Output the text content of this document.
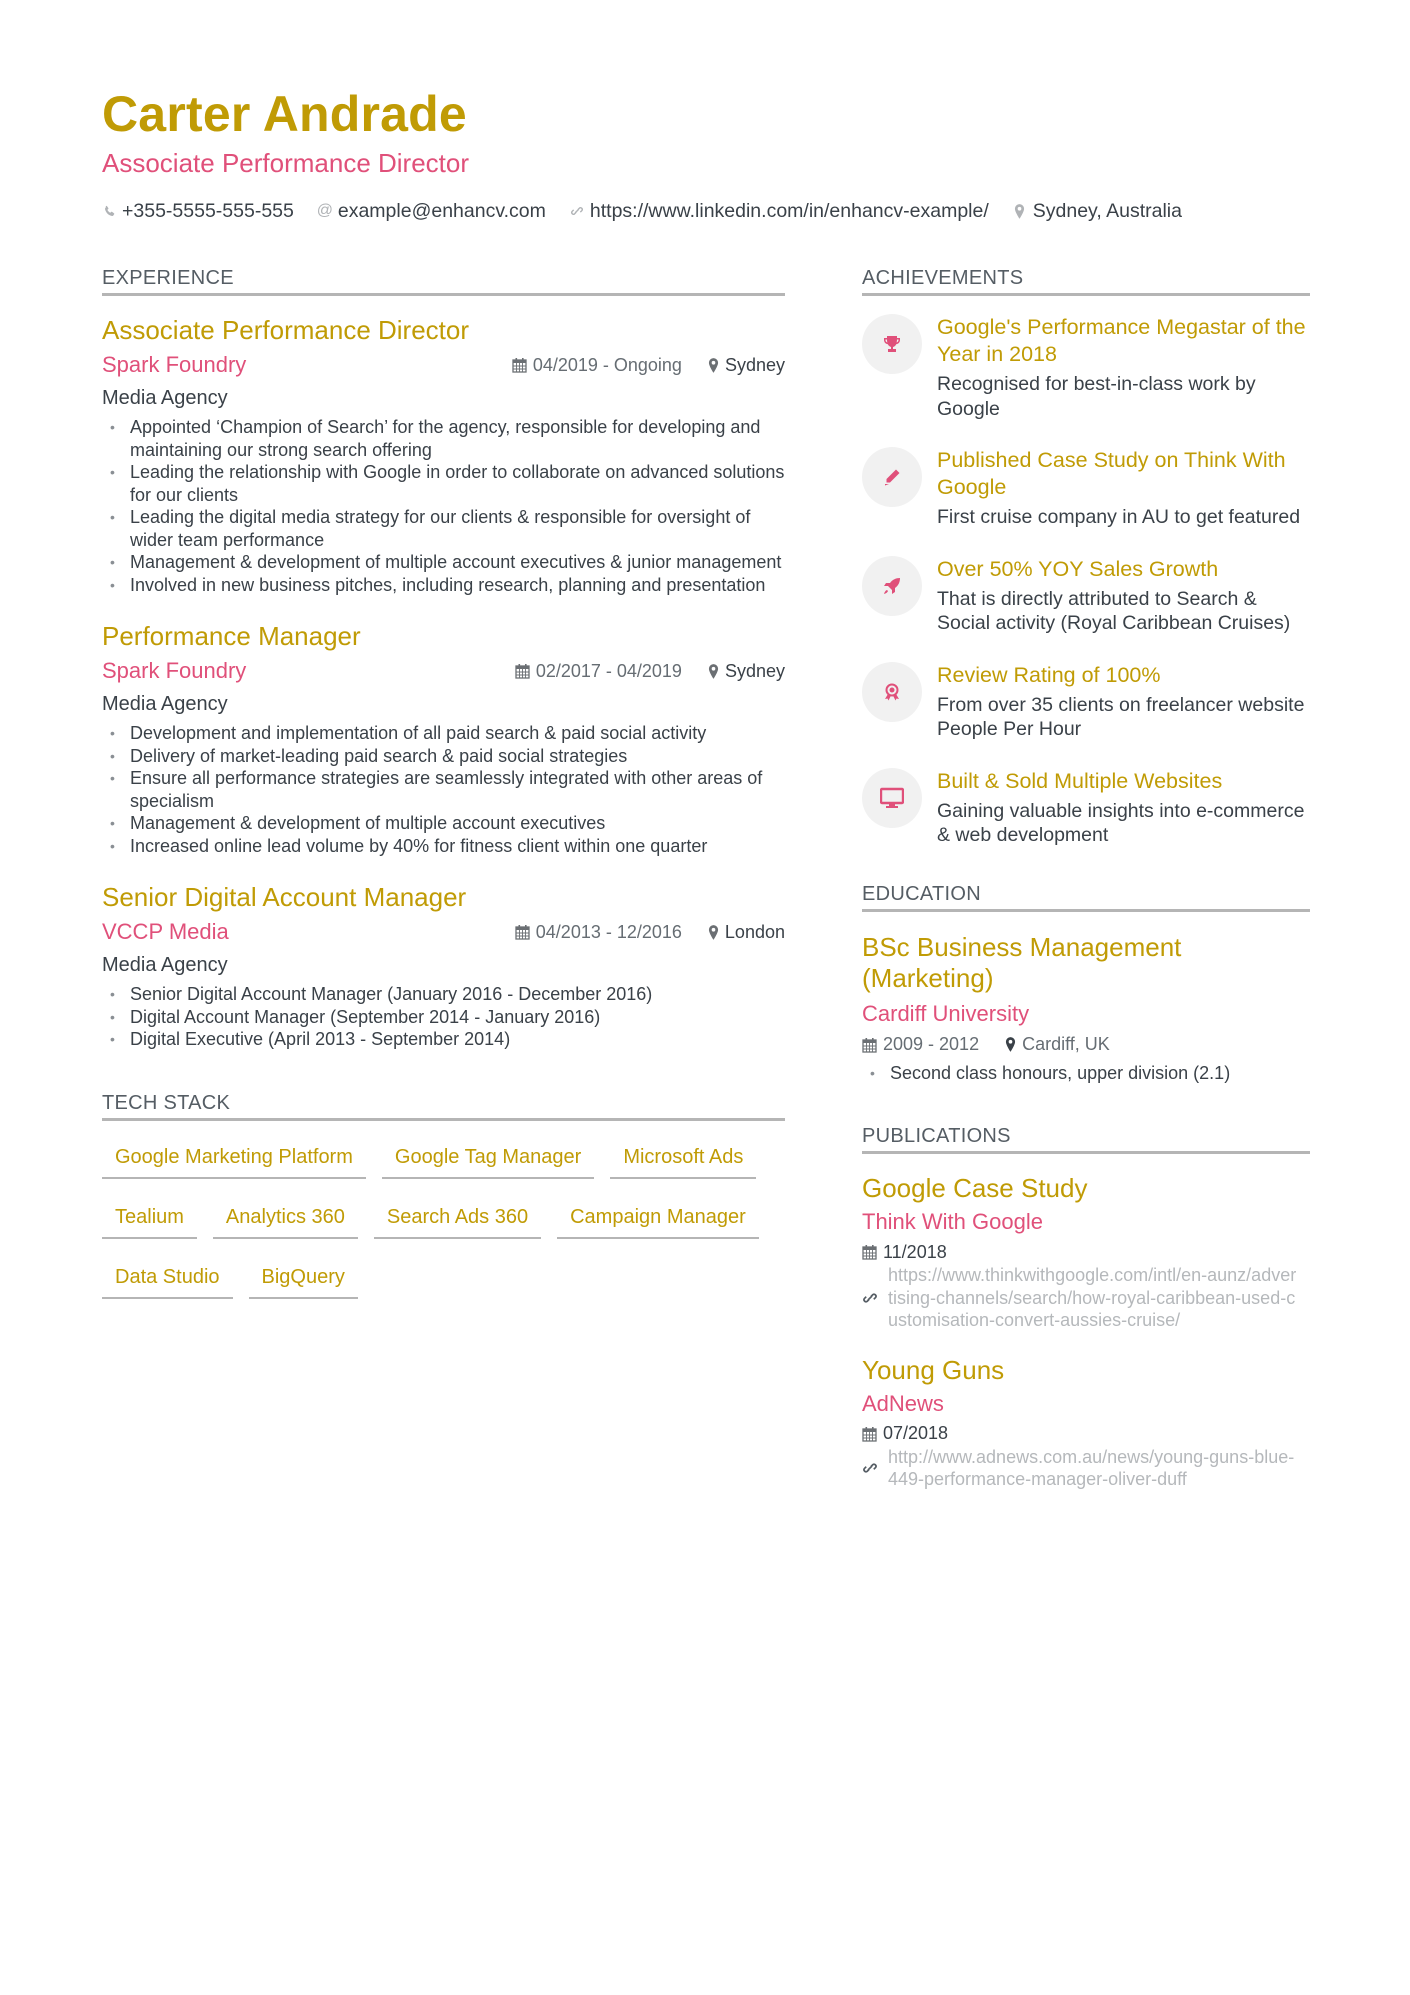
Carter Andrade
Associate Performance Director
+355-5555-555-555 @ example@enhancv.com https://www.linkedin.com/in/enhancv-example/ Sydney, Australia
EXPERIENCE
Associate Performance Director
Spark Foundry	04/2019 - Ongoing Sydney
Media Agency
• Appointed ‘Champion of Search’ for the agency, responsible for developing and maintaining our strong search offering
• Leading the relationship with Google in order to collaborate on advanced solutions for our clients
• Leading the digital media strategy for our clients & responsible for oversight of wider team performance
• Management & development of multiple account executives & junior management
• Involved in new business pitches, including research, planning and presentation
Performance Manager
Spark Foundry	02/2017 - 04/2019 Sydney
Media Agency
• Development and implementation of all paid search & paid social activity
• Delivery of market-leading paid search & paid social strategies
• Ensure all performance strategies are seamlessly integrated with other areas of specialism
• Management & development of multiple account executives
• Increased online lead volume by 40% for fitness client within one quarter
Senior Digital Account Manager
VCCP Media	04/2013 - 12/2016 London
Media Agency
• Senior Digital Account Manager (January 2016 - December 2016)
• Digital Account Manager (September 2014 - January 2016)
• Digital Executive (April 2013 - September 2014)
TECH STACK
Google Marketing Platform	Google Tag Manager	Microsoft Ads
Tealium	Analytics 360	Search Ads 360	Campaign Manager
Data Studio	BigQuery
ACHIEVEMENTS
Google's Performance Megastar of the Year in 2018
Recognised for best-in-class work by Google
Published Case Study on Think With Google
First cruise company in AU to get featured
Over 50% YOY Sales Growth
That is directly attributed to Search & Social activity (Royal Caribbean Cruises)
Review Rating of 100%
From over 35 clients on freelancer website People Per Hour
Built & Sold Multiple Websites
Gaining valuable insights into e-commerce & web development
EDUCATION
BSc Business Management (Marketing)
Cardiff University
2009 - 2012 Cardiff, UK
• Second class honours, upper division (2.1)
PUBLICATIONS
Google Case Study
Think With Google
11/2018
https://www.thinkwithgoogle.com/intl/en-aunz/advertising-channels/search/how-royal-caribbean-used-customisation-convert-aussies-cruise/
Young Guns
AdNews
07/2018
http://www.adnews.com.au/news/young-guns-blue-449-performance-manager-oliver-duff
